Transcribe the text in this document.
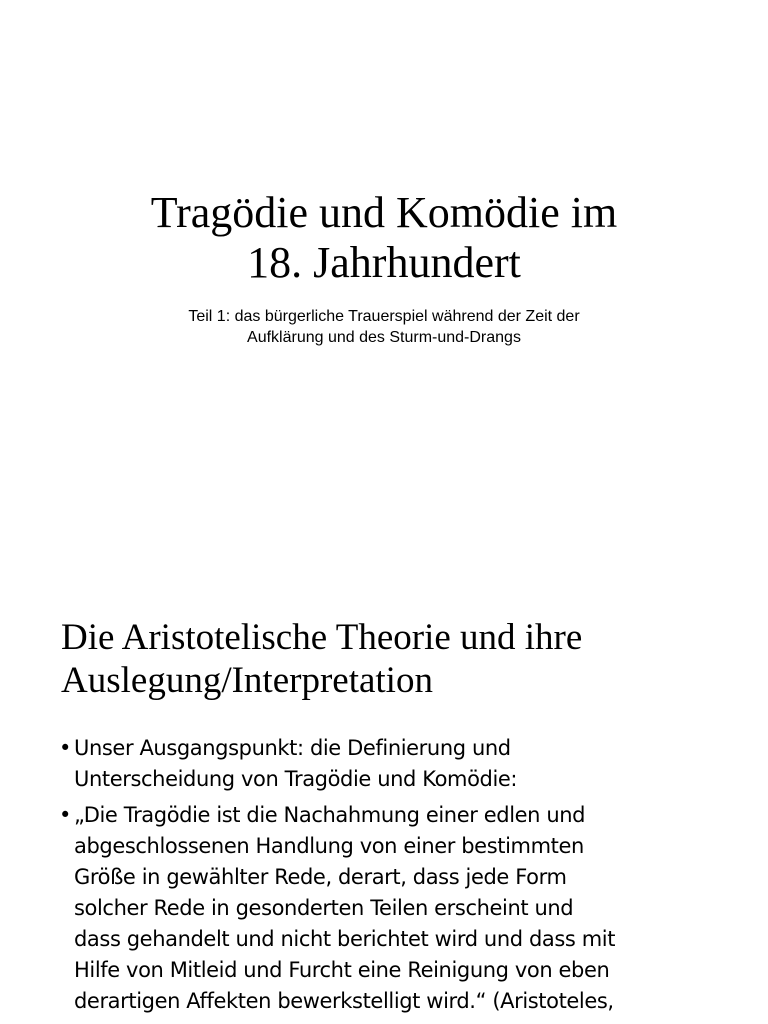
Tragödie und Komödie im
18. Jahrhundert

Teil 1: das bürgerliche Trauerspiel während der Zeit der
Aufklärung und des Sturm-und-Drangs

Die Aristotelische Theorie und ihre
Auslegung/Interpretation
• Unser Ausgangspunkt: die Definierung und
Unterscheidung von Tragödie und Komödie:
• „Die Tragödie ist die Nachahmung einer edlen und
abgeschlossenen Handlung von einer bestimmten
Größe in gewählter Rede, derart, dass jede Form
solcher Rede in gesonderten Teilen erscheint und
dass gehandelt und nicht berichtet wird und dass mit
Hilfe von Mitleid und Furcht eine Reinigung von eben
derartigen Affekten bewerkstelligt wird.“ (Aristoteles,
